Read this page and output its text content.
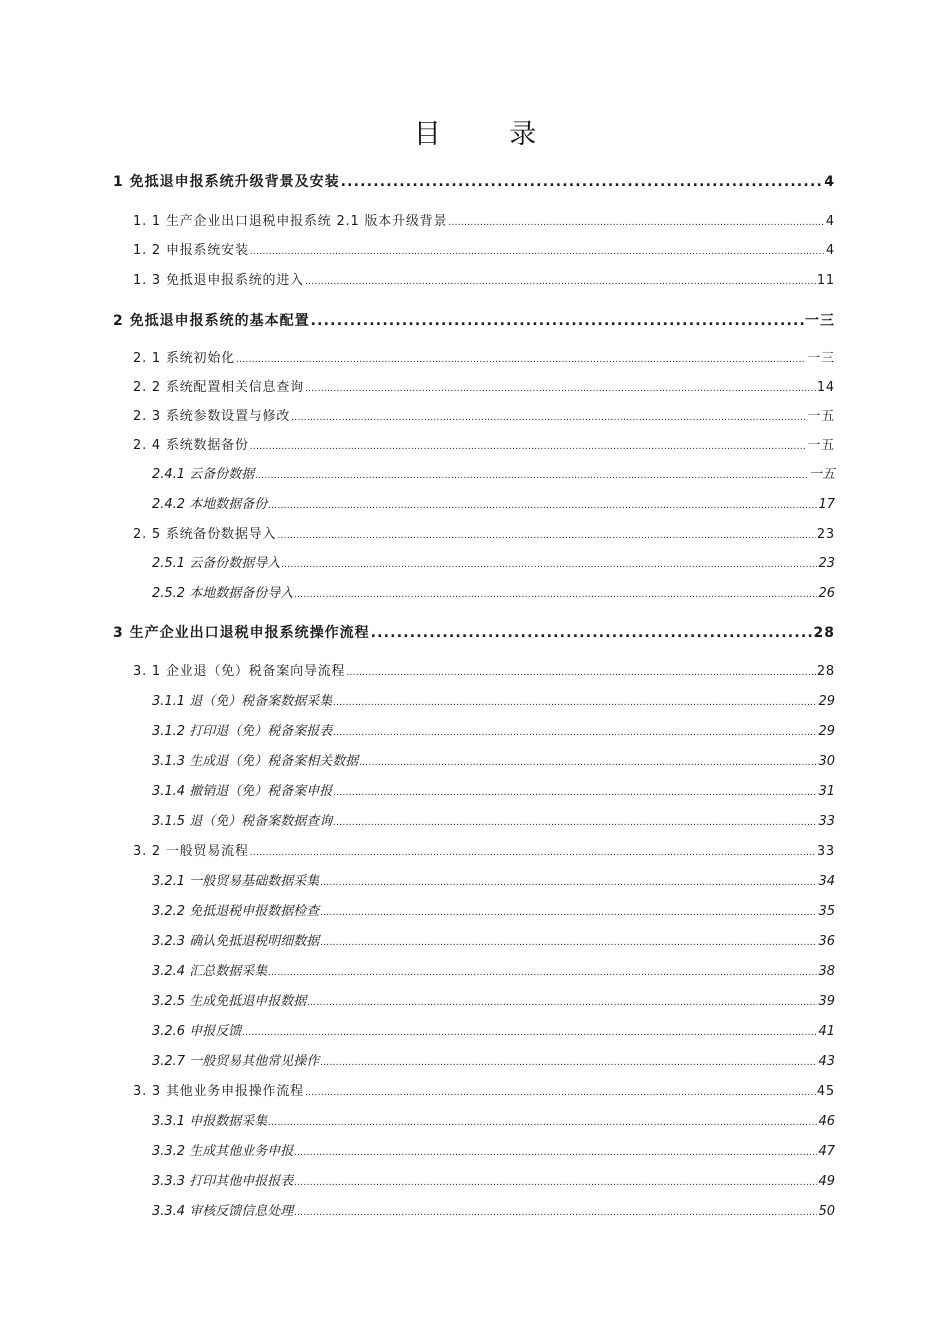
目 录
1 免抵退申报系统升级背景及安装 .....	4
1. 1 生产企业出口退税申报系统 2.1 版本升级背景 .....	4
1. 2 申报系统安装 .....	4
1. 3 免抵退申报系统的进入 .....	11
2 免抵退申报系统的基本配置 .....	一三
2. 1 系统初始化 .....	一三
2. 2 系统配置相关信息查询 .....	14
2. 3 系统参数设置与修改 .....	一五
2. 4 系统数据备份 .....	一五
2.4.1 云备份数据 .....	一五
2.4.2 本地数据备份 .....	17
2. 5 系统备份数据导入 .....	23
2.5.1 云备份数据导入 .....	23
2.5.2 本地数据备份导入 .....	26
3 生产企业出口退税申报系统操作流程 .....	28
3. 1 企业退（免）税备案向导流程 .....	28
3.1.1 退（免）税备案数据采集 .....	29
3.1.2 打印退（免）税备案报表 .....	29
3.1.3 生成退（免）税备案相关数据 .....	30
3.1.4 撤销退（免）税备案申报 .....	31
3.1.5 退（免）税备案数据查询 .....	33
3. 2 一般贸易流程 .....	33
3.2.1 一般贸易基础数据采集 .....	34
3.2.2 免抵退税申报数据检查 .....	35
3.2.3 确认免抵退税明细数据 .....	36
3.2.4 汇总数据采集 .....	38
3.2.5 生成免抵退申报数据 .....	39
3.2.6 申报反馈 .....	41
3.2.7 一般贸易其他常见操作 .....	43
3. 3 其他业务申报操作流程 .....	45
3.3.1 申报数据采集 .....	46
3.3.2 生成其他业务申报 .....	47
3.3.3 打印其他申报报表 .....	49
3.3.4 审核反馈信息处理 .....	50
